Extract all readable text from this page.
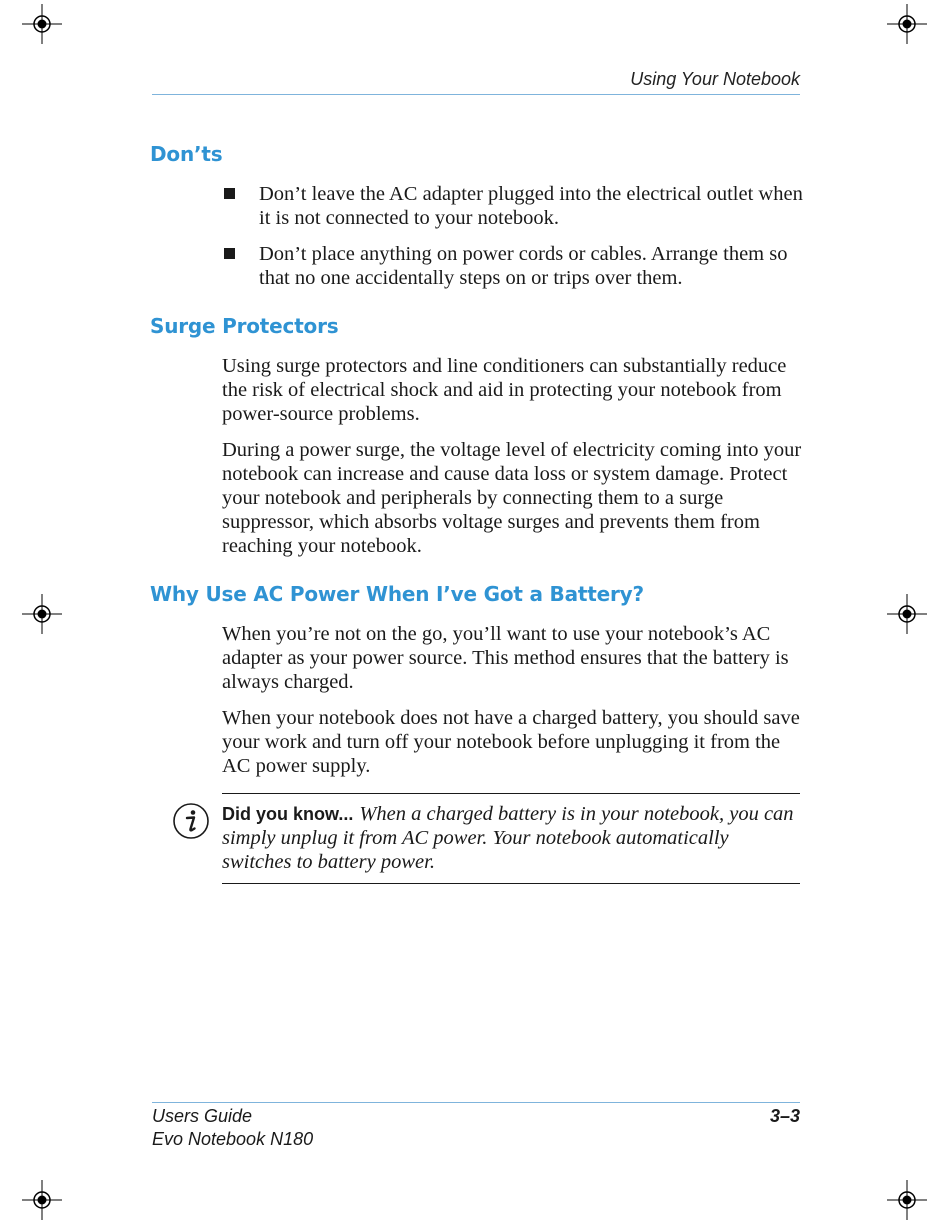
Using Your Notebook
Don’ts
Don’t leave the AC adapter plugged into the electrical outlet when it is not connected to your notebook.
Don’t place anything on power cords or cables. Arrange them so that no one accidentally steps on or trips over them.
Surge Protectors

Using surge protectors and line conditioners can substantially reduce the risk of electrical shock and aid in protecting your notebook from power-source problems.

During a power surge, the voltage level of electricity coming into your notebook can increase and cause data loss or system damage. Protect your notebook and peripherals by connecting them to a surge suppressor, which absorbs voltage surges and prevents them from reaching your notebook.

Why Use AC Power When I’ve Got a Battery?

When you’re not on the go, you’ll want to use your notebook’s AC adapter as your power source. This method ensures that the battery is always charged.

When your notebook does not have a charged battery, you should save your work and turn off your notebook before unplugging it from the AC power supply.

Did you know... When a charged battery is in your notebook, you can simply unplug it from AC power. Your notebook automatically switches to battery power.
Users Guide
Evo Notebook N180
3–3
